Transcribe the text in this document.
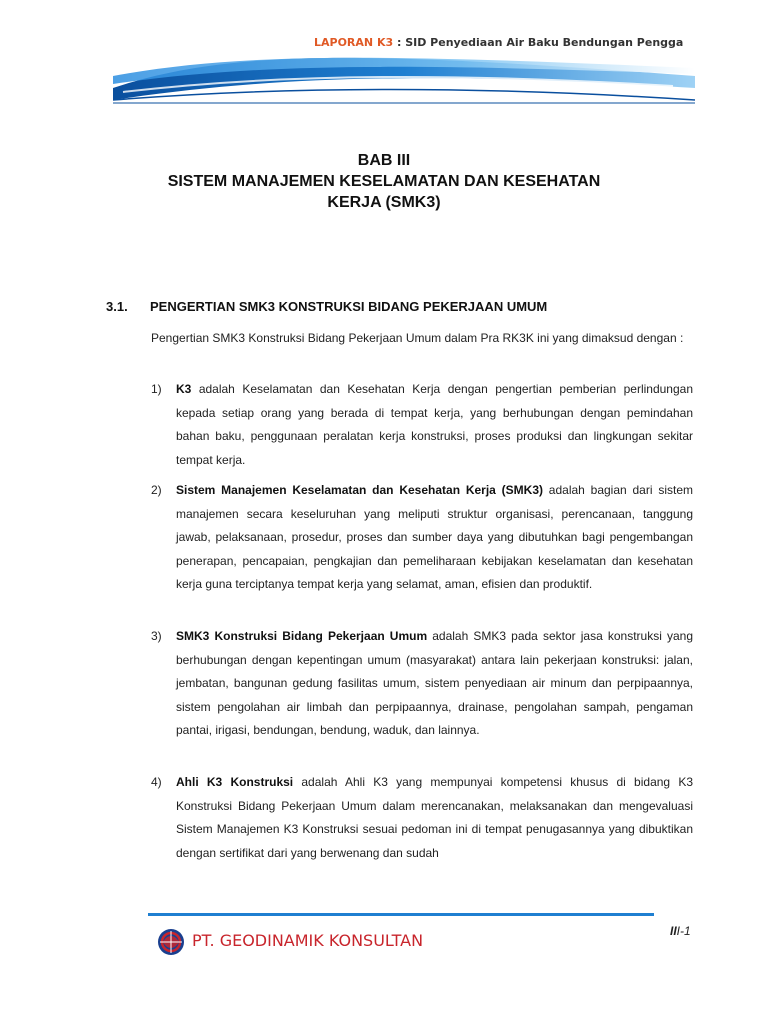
LAPORAN K3 : SID Penyediaan Air Baku Bendungan Pengga
BAB III
SISTEM MANAJEMEN KESELAMATAN DAN KESEHATAN
KERJA (SMK3)
3.1. PENGERTIAN SMK3 KONSTRUKSI BIDANG PEKERJAAN UMUM
Pengertian SMK3 Konstruksi Bidang Pekerjaan Umum dalam Pra RK3K ini yang dimaksud dengan :
1) K3 adalah Keselamatan dan Kesehatan Kerja dengan pengertian pemberian perlindungan kepada setiap orang yang berada di tempat kerja, yang berhubungan dengan pemindahan bahan baku, penggunaan peralatan kerja konstruksi, proses produksi dan lingkungan sekitar tempat kerja.
2) Sistem Manajemen Keselamatan dan Kesehatan Kerja (SMK3) adalah bagian dari sistem manajemen secara keseluruhan yang meliputi struktur organisasi, perencanaan, tanggung jawab, pelaksanaan, prosedur, proses dan sumber daya yang dibutuhkan bagi pengembangan penerapan, pencapaian, pengkajian dan pemeliharaan kebijakan keselamatan dan kesehatan kerja guna terciptanya tempat kerja yang selamat, aman, efisien dan produktif.
3) SMK3 Konstruksi Bidang Pekerjaan Umum adalah SMK3 pada sektor jasa konstruksi yang berhubungan dengan kepentingan umum (masyarakat) antara lain pekerjaan konstruksi: jalan, jembatan, bangunan gedung fasilitas umum, sistem penyediaan air minum dan perpipaannya, sistem pengolahan air limbah dan perpipaannya, drainase, pengolahan sampah, pengaman pantai, irigasi, bendungan, bendung, waduk, dan lainnya.
4) Ahli K3 Konstruksi adalah Ahli K3 yang mempunyai kompetensi khusus di bidang K3 Konstruksi Bidang Pekerjaan Umum dalam merencanakan, melaksanakan dan mengevaluasi Sistem Manajemen K3 Konstruksi sesuai pedoman ini di tempat penugasannya yang dibuktikan dengan sertifikat dari yang berwenang dan sudah
PT. GEODINAMIK KONSULTAN	III-1
